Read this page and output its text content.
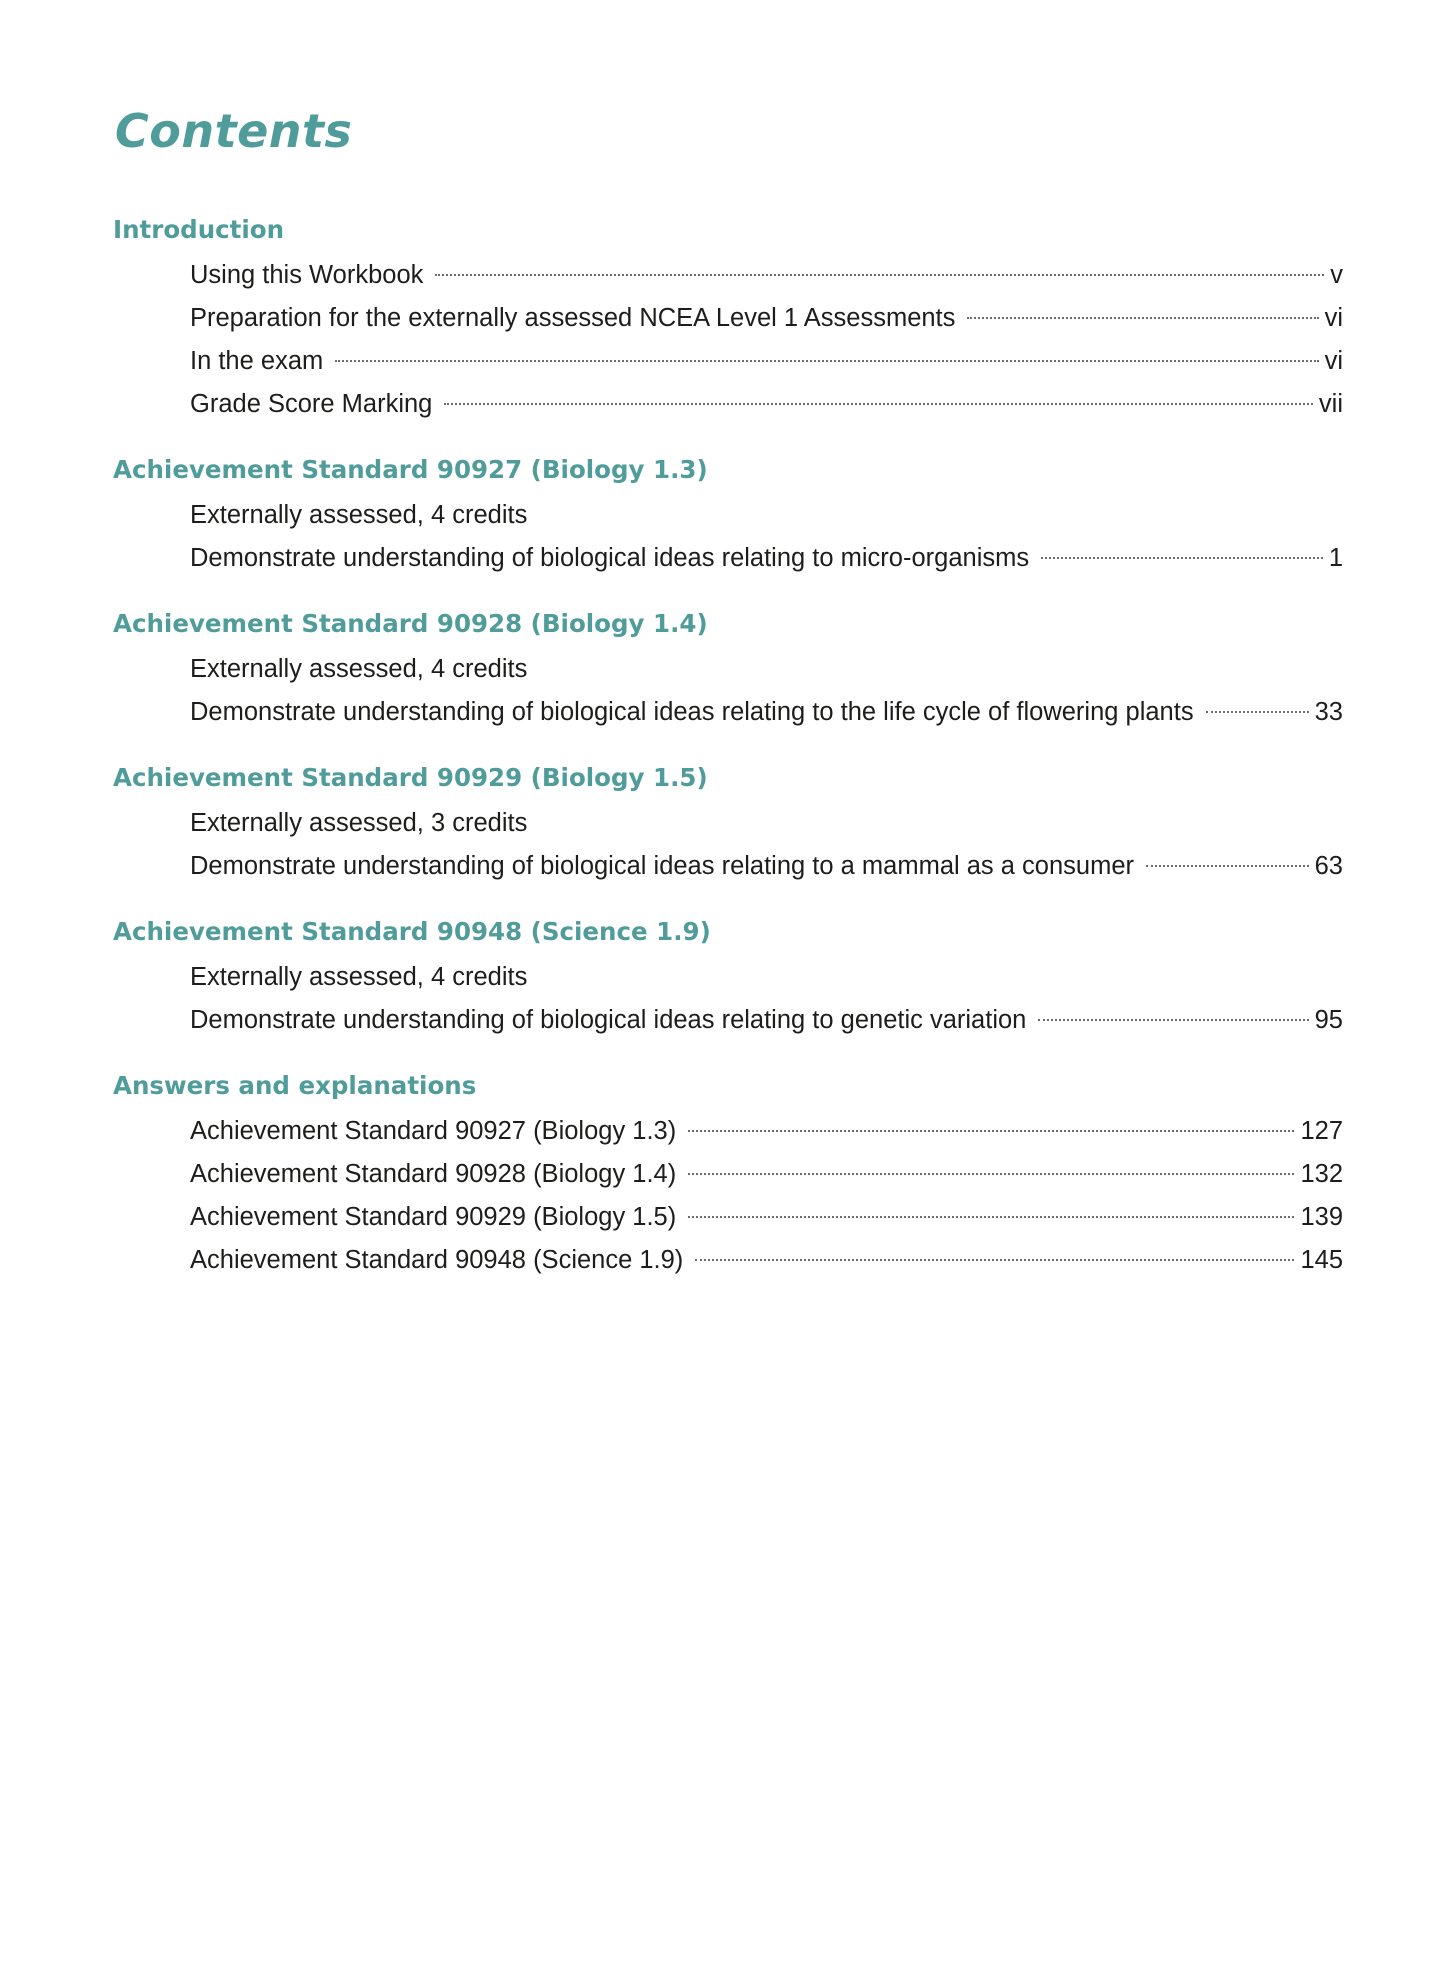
Contents
Introduction
Using this Workbook	v
Preparation for the externally assessed NCEA Level 1 Assessments	vi
In the exam	vi
Grade Score Marking	vii
Achievement Standard 90927 (Biology 1.3)
Externally assessed, 4 credits
Demonstrate understanding of biological ideas relating to micro-organisms	1
Achievement Standard 90928 (Biology 1.4)
Externally assessed, 4 credits
Demonstrate understanding of biological ideas relating to the life cycle of flowering plants	33
Achievement Standard 90929 (Biology 1.5)
Externally assessed, 3 credits
Demonstrate understanding of biological ideas relating to a mammal as a consumer	63
Achievement Standard 90948 (Science 1.9)
Externally assessed, 4 credits
Demonstrate understanding of biological ideas relating to genetic variation	95
Answers and explanations
Achievement Standard 90927 (Biology 1.3)	127
Achievement Standard 90928 (Biology 1.4)	132
Achievement Standard 90929 (Biology 1.5)	139
Achievement Standard 90948 (Science 1.9)	145
